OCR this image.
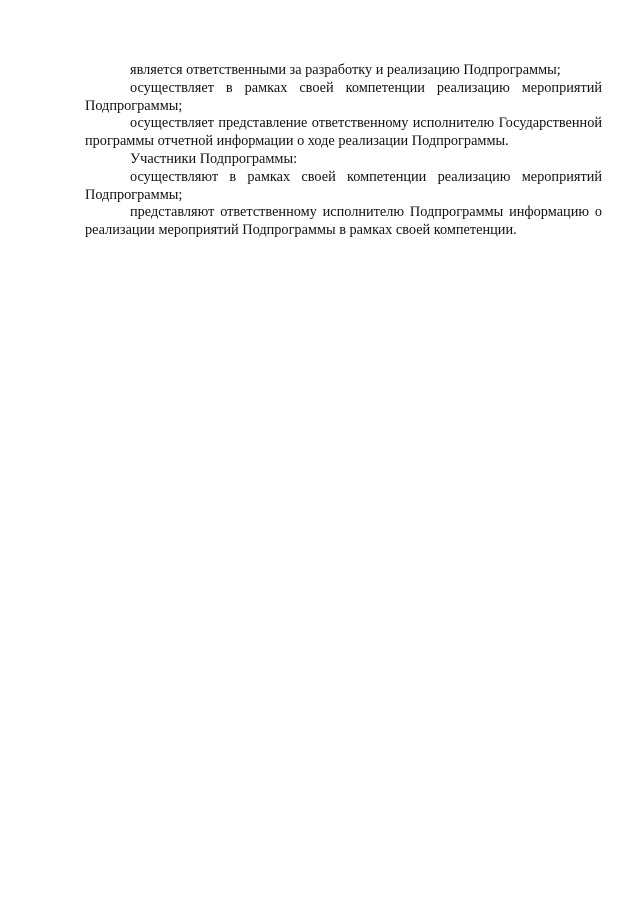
является ответственными за разработку и реализацию Подпрограммы;

осуществляет в рамках своей компетенции реализацию мероприятий Подпрограммы;

осуществляет представление ответственному исполнителю Государственной программы отчетной информации о ходе реализации Подпрограммы.

Участники Подпрограммы:

осуществляют в рамках своей компетенции реализацию мероприятий Подпрограммы;

представляют ответственному исполнителю Подпрограммы информацию о реализации мероприятий Подпрограммы в рамках своей компетенции.
